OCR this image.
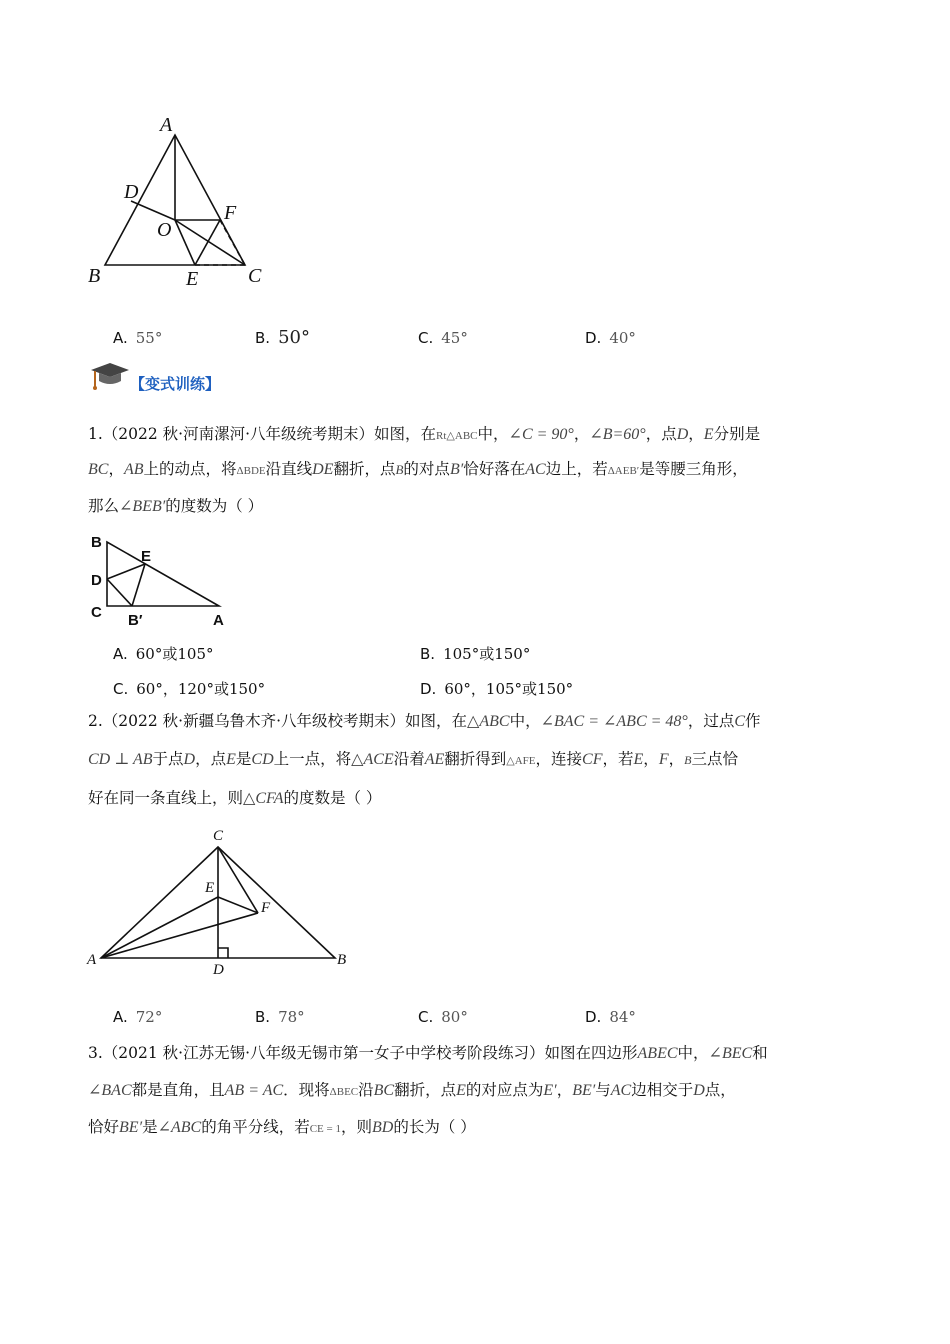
A
D
F
O
B	E C
A. 55°	B. 50°	C. 45°	D. 40°
【变式训练】
1.（2022 秋·河南漯河·八年级统考期末）如图，在Rt△ABC中，∠C = 90°，∠B=60°，点D，E分别是
BC，AB上的动点，将ΔBDE沿直线DE翻折，点B的对点B′恰好落在AC边上，若ΔAEB′是等腰三角形，
那么∠BEB′的度数为（ ）
B
E
D
C B′	A
A. 60°或105°	B. 105°或150°
C. 60°，120°或150°	D. 60°，105°或150°
2.（2022 秋·新疆乌鲁木齐·八年级校考期末）如图，在△ABC中，∠BAC = ∠ABC = 48°，过点C作
CD ⊥ AB于点D，点E是CD上一点，将△ACE沿着AE翻折得到△AFE，连接CF，若E，F，B三点恰
好在同一条直线上，则△CFA的度数是（ ）
C
E
F
A
D
B
A. 72°	B. 78°	C. 80°	D. 84°
3.（2021 秋·江苏无锡·八年级无锡市第一女子中学校考阶段练习）如图在四边形ABEC中，∠BEC和
∠BAC都是直角，且AB = AC．现将ΔBEC沿BC翻折，点E的对应点为E′，BE′与AC边相交于D点，
恰好BE′是∠ABC的角平分线，若CE = 1，则BD的长为（ ）
